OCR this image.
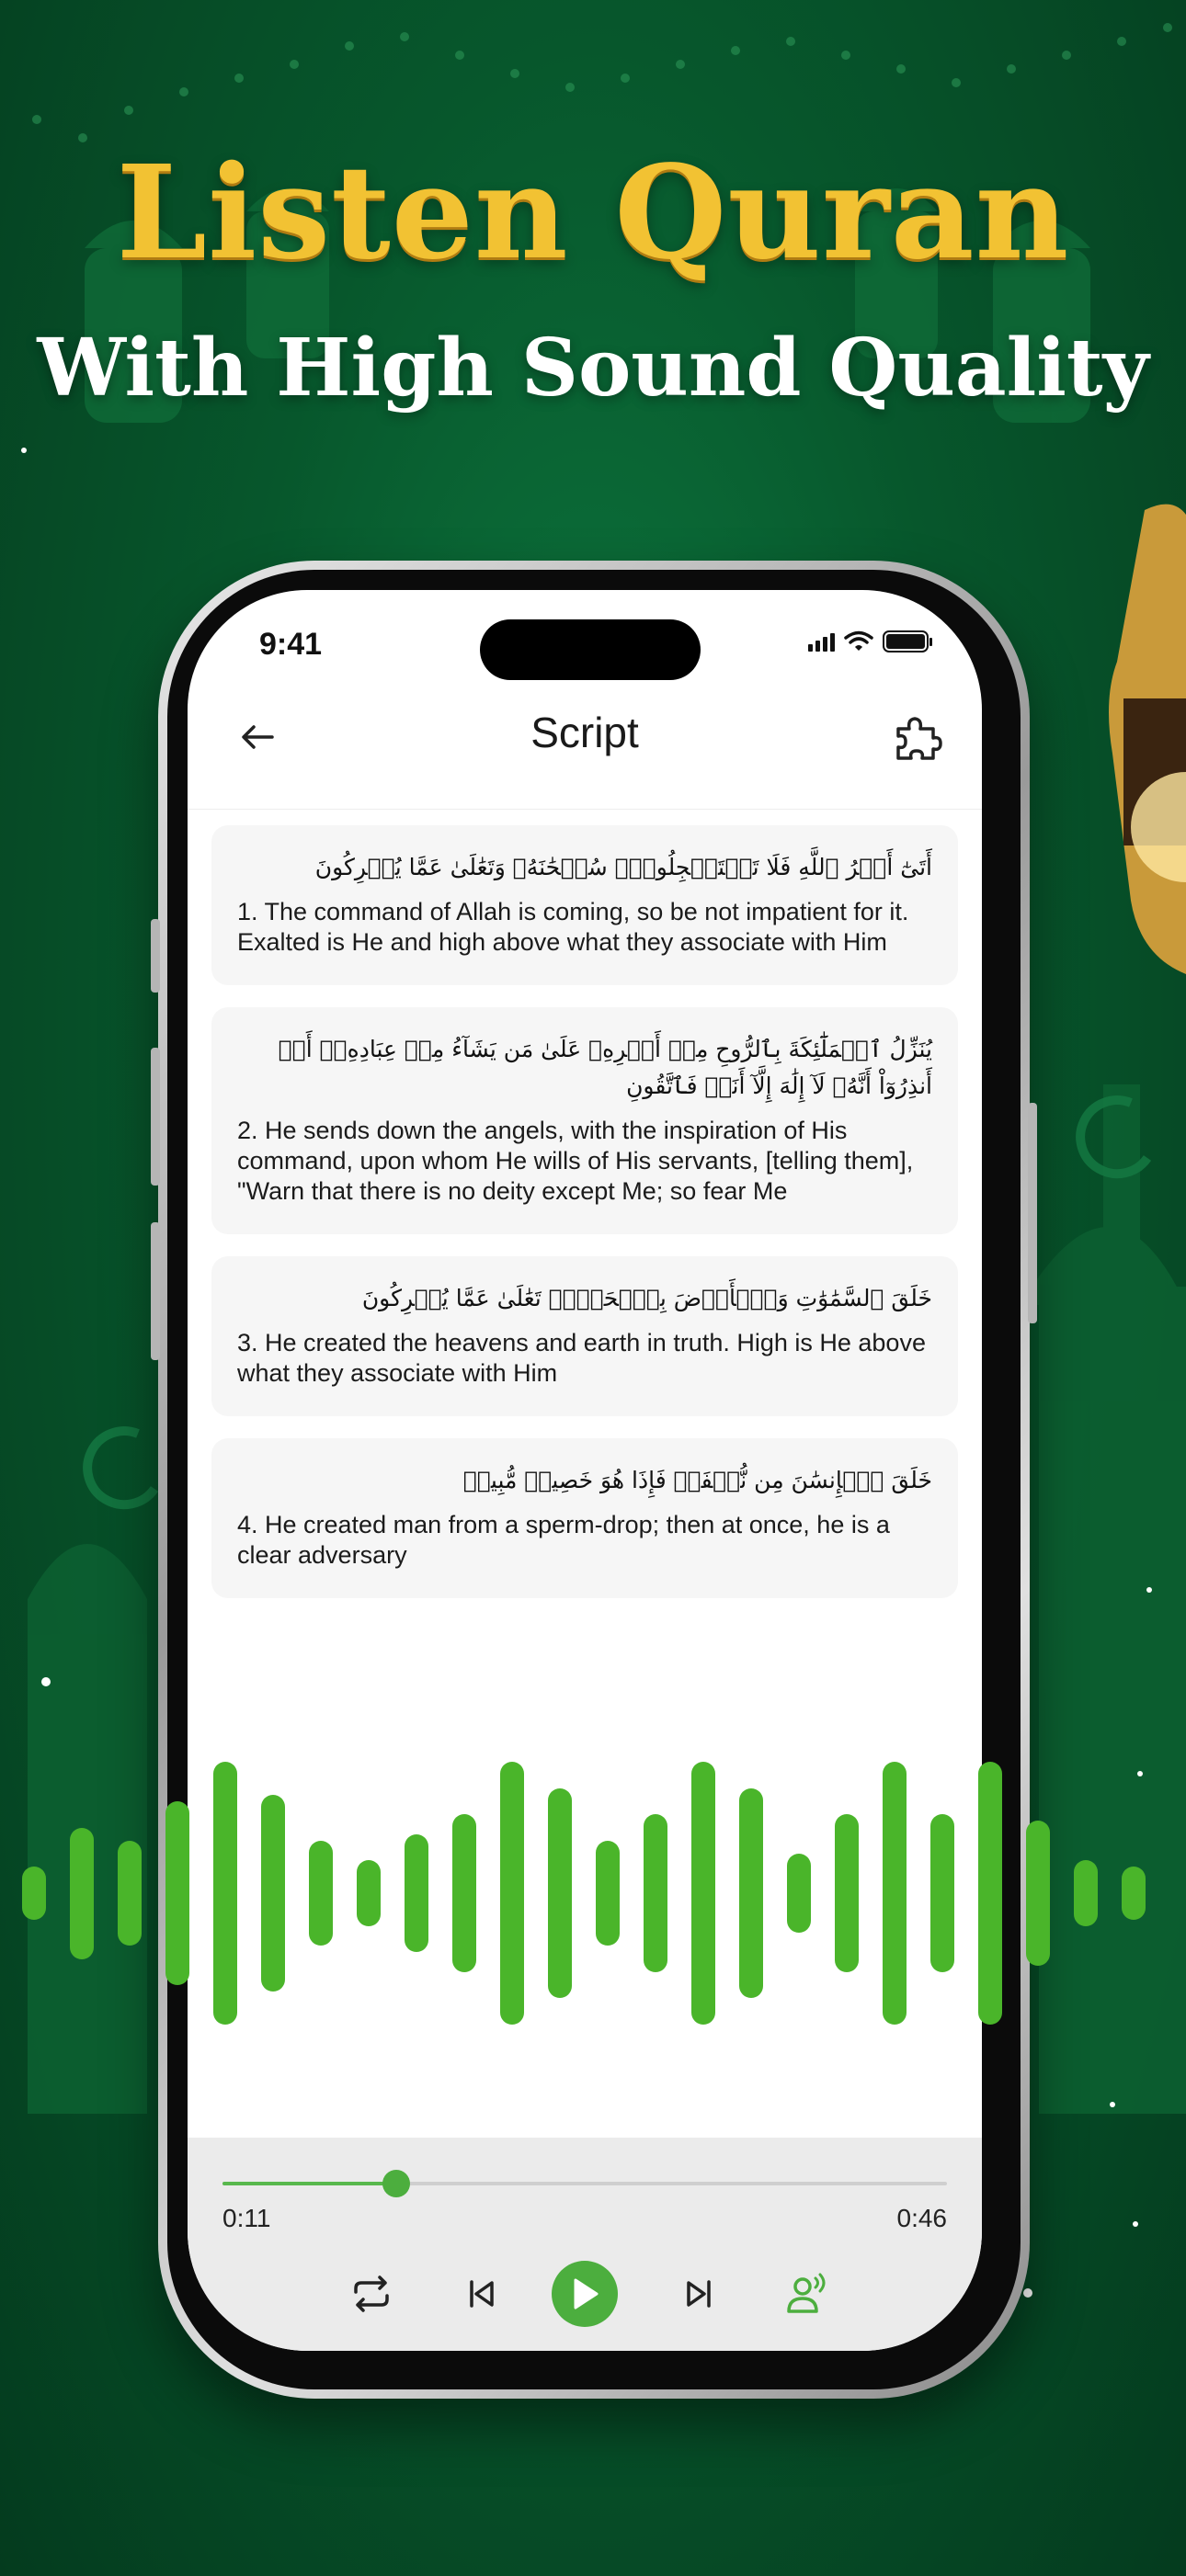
Listen Quran
With High Sound Quality
9:41
Script
أَتَىٰٓ أَمۡرُ ٱللَّهِ فَلَا تَسۡتَعۡجِلُوهُۚ سُبۡحَٰنَهُۥ وَتَعَٰلَىٰ عَمَّا يُشۡرِكُونَ
1. The command of Allah is coming, so be not impatient for it. Exalted is He and high above what they associate with Him
يُنَزِّلُ ٱلۡمَلَٰٓئِكَةَ بِٱلرُّوحِ مِنۡ أَمۡرِهِۦ عَلَىٰ مَن يَشَآءُ مِنۡ عِبَادِهِۦٓ أَنۡ أَنذِرُوٓاْ أَنَّهُۥ لَآ إِلَٰهَ إِلَّآ أَنَا۠ فَٱتَّقُونِ
2. He sends down the angels, with the inspiration of His command, upon whom He wills of His servants, [telling them], "Warn that there is no deity except Me; so fear Me
خَلَقَ ٱلسَّمَٰوَٰتِ وَٱلۡأَرۡضَ بِٱلۡحَقِّۚ تَعَٰلَىٰ عَمَّا يُشۡرِكُونَ
3. He created the heavens and earth in truth. High is He above what they associate with Him
خَلَقَ ٱلۡإِنسَٰنَ مِن نُّطۡفَةٖ فَإِذَا هُوَ خَصِيمٞ مُّبِينٞ
4. He created man from a sperm-drop; then at once, he is a clear adversary
0:11	0:46
